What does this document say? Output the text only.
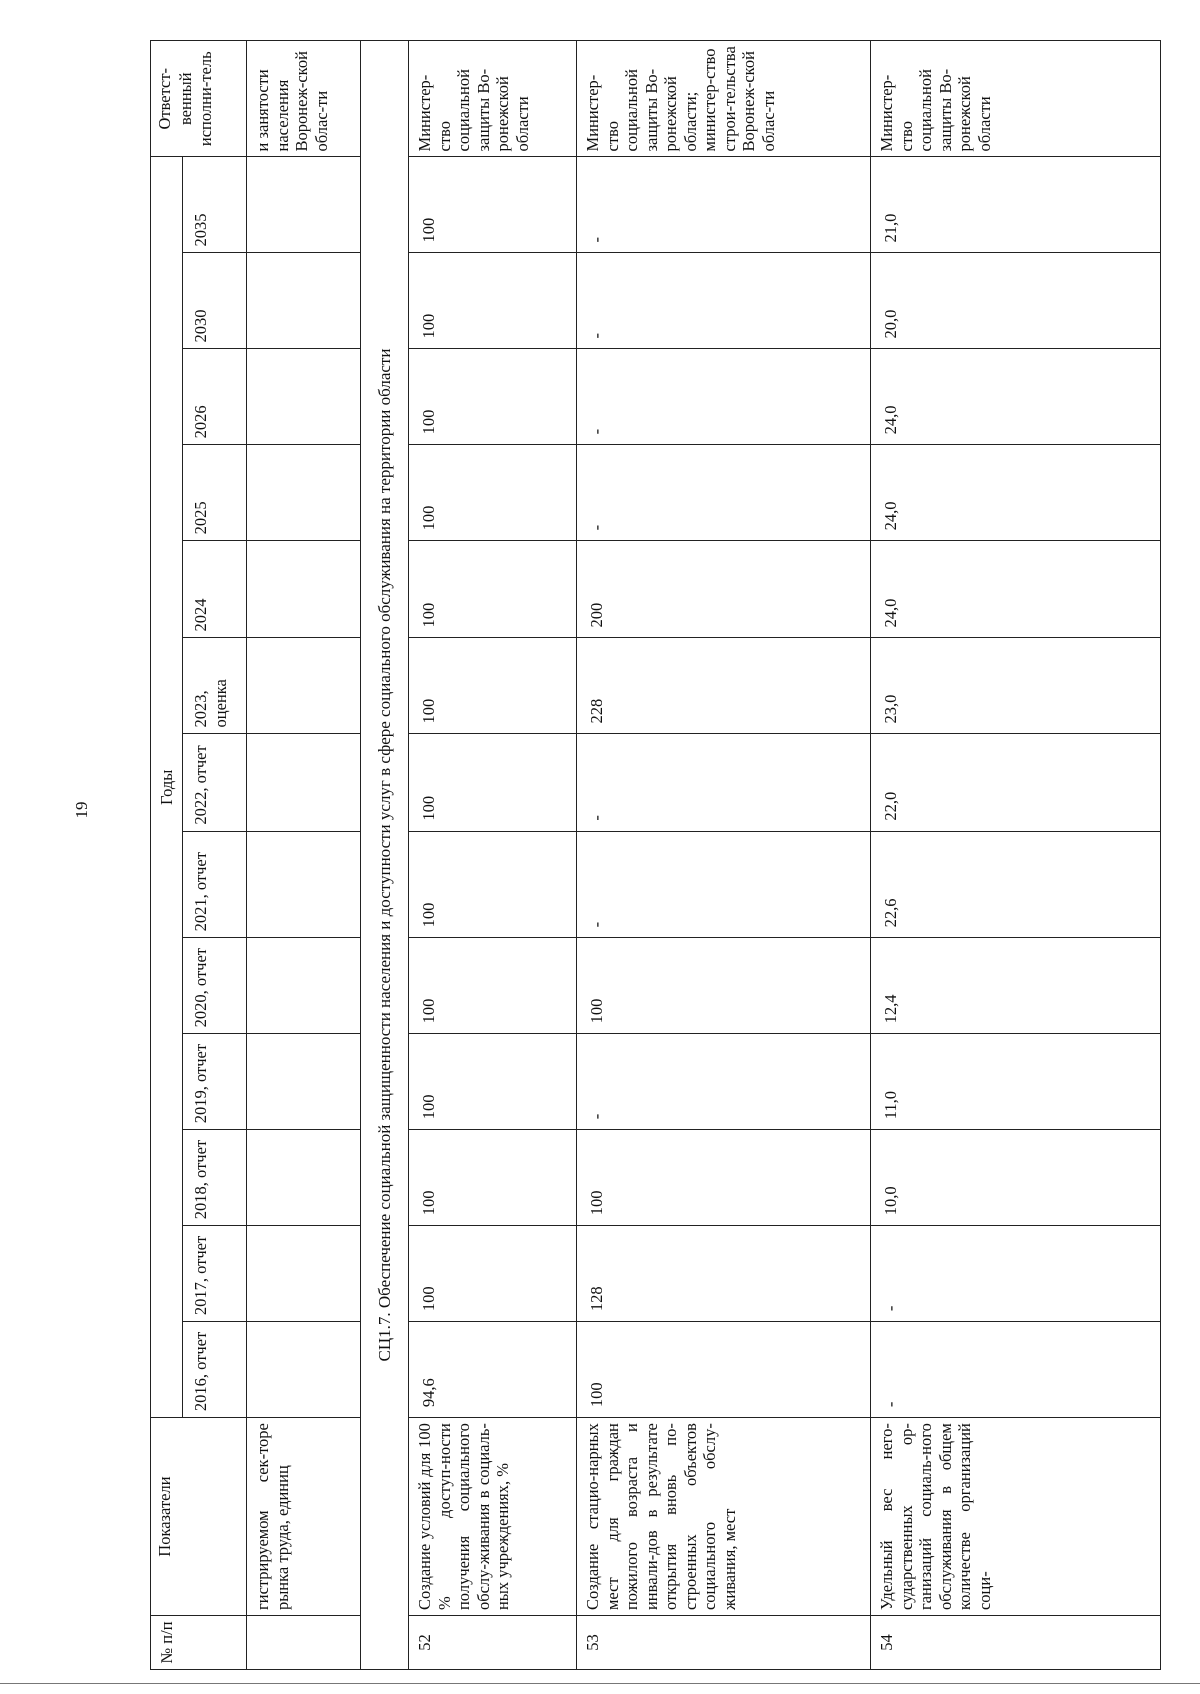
19
№ п/п	Показатели	Годы													Ответст-венный исполни-тель
		2016, отчет	2017, отчет	2018, отчет	2019, отчет	2020, отчет	2021, отчет	2022, отчет	2023, оценка	2024	2025	2026	2030	2035	
	гистрируемом сек-торе рынка труда, единиц														и занятости населения Воронеж-ской облас-ти
СЦ1.7. Обеспечение социальной защищенности населения и доступности услуг в сфере социального обслуживания на территории области															
52	Создание условий для 100 % доступ-ности получения социального обслу-живания в социаль-ных учреждениях, %	94,6	100	100	100	100	100	100	100	100	100	100	100	100	Министер-ство социальной защиты Во-ронежской области
53	Создание стацио-нарных мест для граждан пожилого возраста и инвали-дов в результате открытия вновь по-строенных объектов социального обслу-живания, мест	100	128	100	-	100	-	-	228	200	-	-	-	-	Министер-ство социальной защиты Во-ронежской области; министер-ство строи-тельства Воронеж-ской облас-ти
54	Удельный вес него-сударственных ор-ганизаций социаль-ного обслуживания в общем количестве организаций соци-	-	-	10,0	11,0	12,4	22,6	22,0	23,0	24,0	24,0	24,0	20,0	21,0	Министер-ство социальной защиты Во-ронежской области
